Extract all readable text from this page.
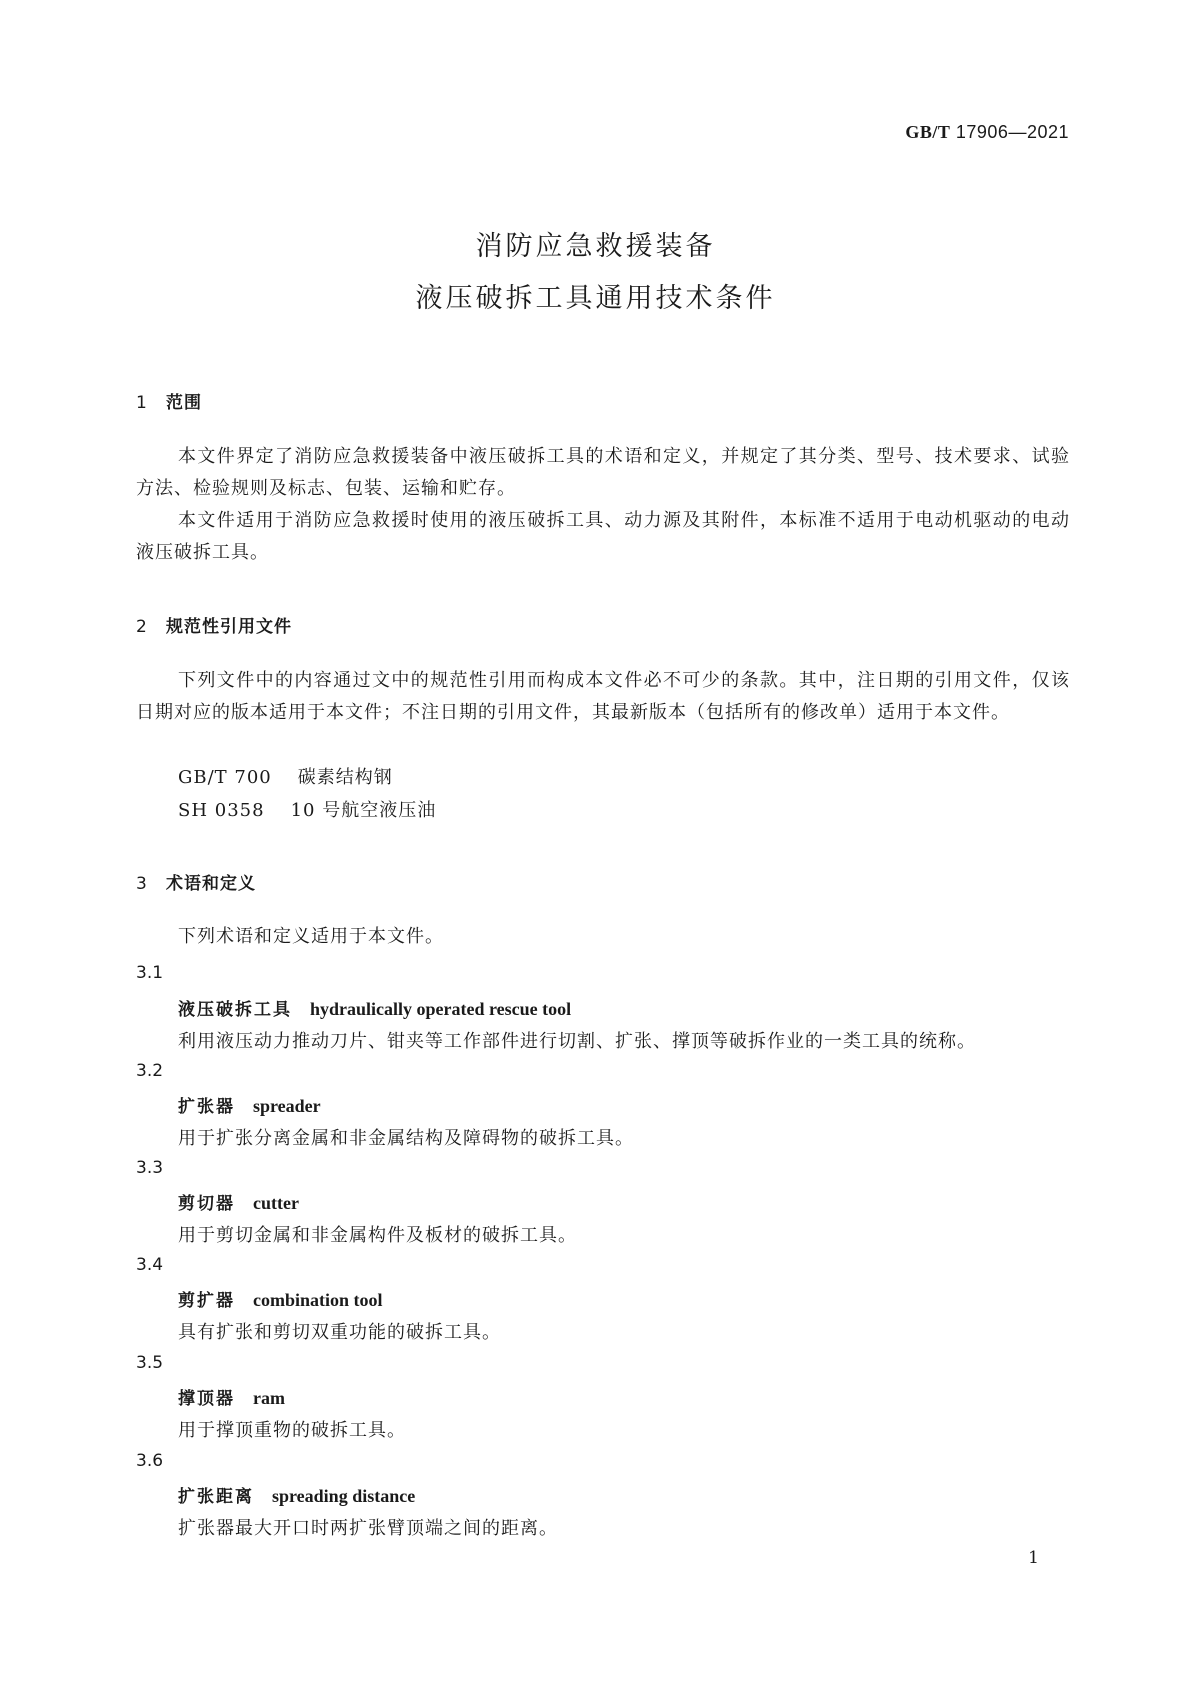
GB/T 17906—2021
消防应急救援装备
液压破拆工具通用技术条件
1 范围
本文件界定了消防应急救援装备中液压破拆工具的术语和定义，并规定了其分类、型号、技术要求、试验方法、检验规则及标志、包装、运输和贮存。
本文件适用于消防应急救援时使用的液压破拆工具、动力源及其附件，本标准不适用于电动机驱动的电动液压破拆工具。
2 规范性引用文件
下列文件中的内容通过文中的规范性引用而构成本文件必不可少的条款。其中，注日期的引用文件，仅该日期对应的版本适用于本文件；不注日期的引用文件，其最新版本（包括所有的修改单）适用于本文件。
GB/T 700 碳素结构钢
SH 0358 10 号航空液压油
3 术语和定义
下列术语和定义适用于本文件。
3.1
液压破拆工具 hydraulically operated rescue tool
利用液压动力推动刀片、钳夹等工作部件进行切割、扩张、撑顶等破拆作业的一类工具的统称。
3.2
扩张器 spreader
用于扩张分离金属和非金属结构及障碍物的破拆工具。
3.3
剪切器 cutter
用于剪切金属和非金属构件及板材的破拆工具。
3.4
剪扩器 combination tool
具有扩张和剪切双重功能的破拆工具。
3.5
撑顶器 ram
用于撑顶重物的破拆工具。
3.6
扩张距离 spreading distance
扩张器最大开口时两扩张臂顶端之间的距离。
1
